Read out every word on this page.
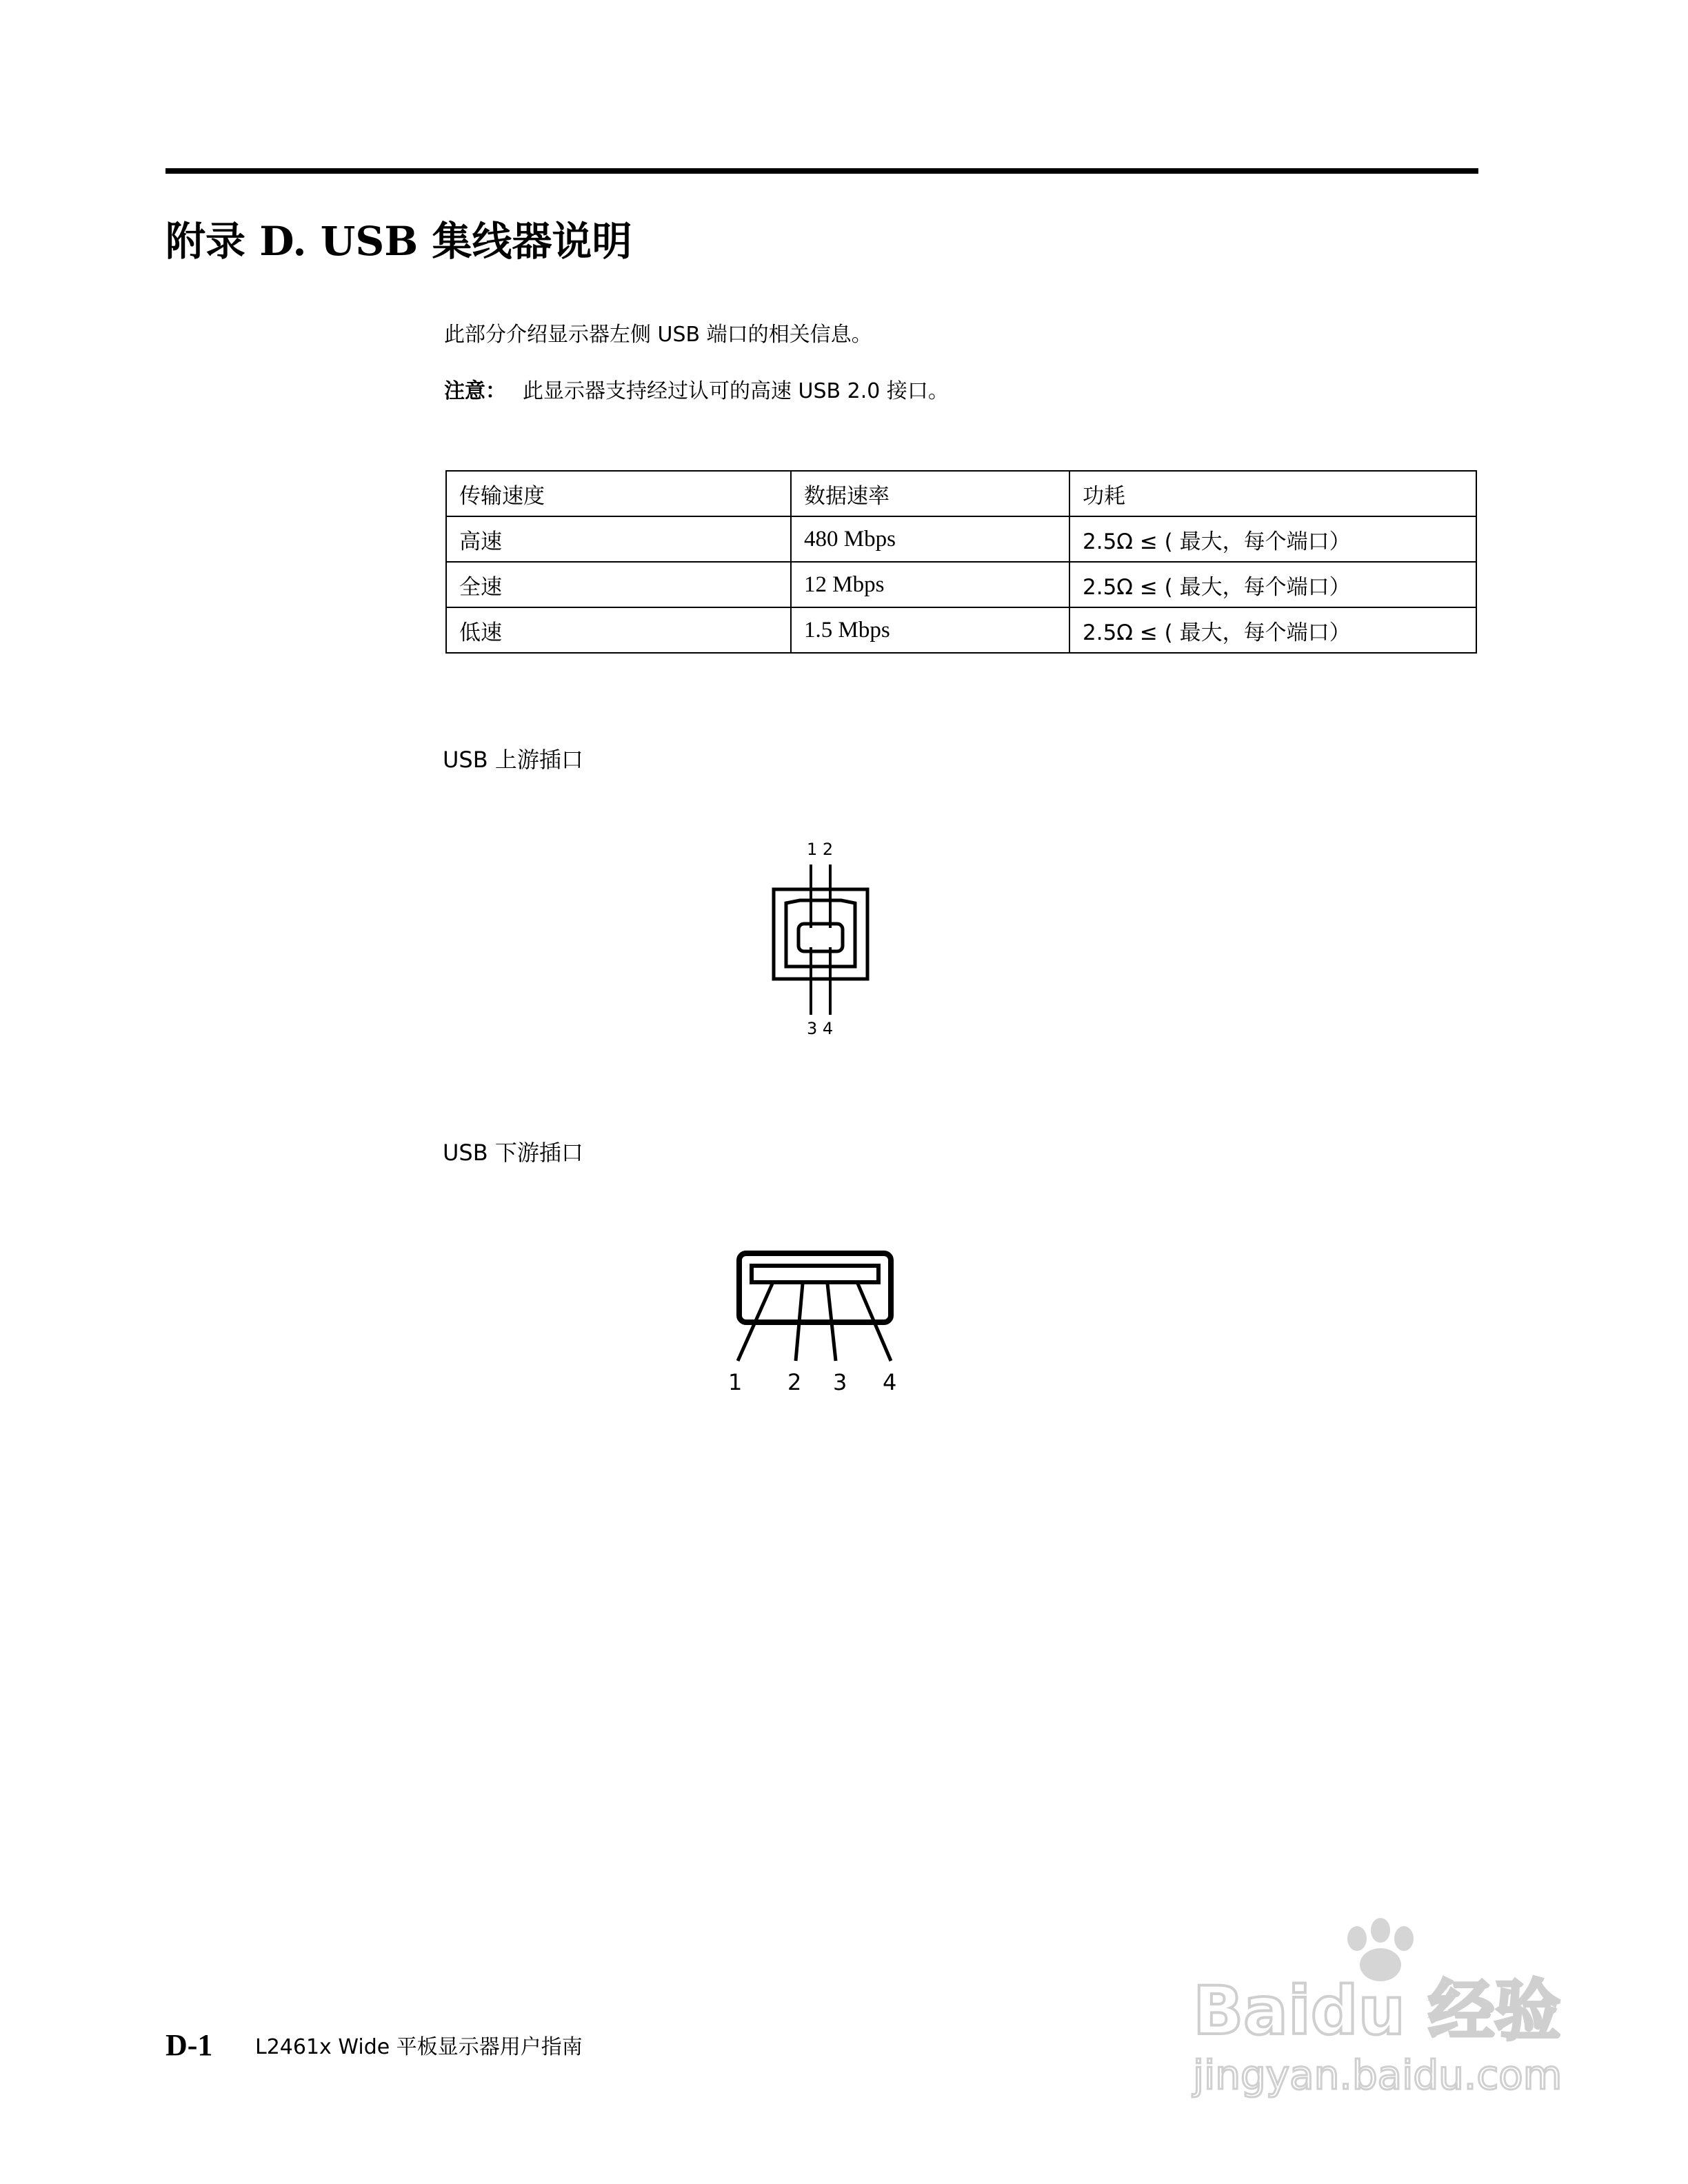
附录 D. USB 集线器说明

此部分介绍显示器左侧 USB 端口的相关信息。

注意： 此显示器支持经过认可的高速 USB 2.0 接口。

传输速度	数据速率	功耗
高速	480 Mbps	2.5Ω ≤ ( 最大，每个端口）
全速	12 Mbps	2.5Ω ≤ ( 最大，每个端口）
低速	1.5 Mbps	2.5Ω ≤ ( 最大，每个端口）

USB 上游插口

1 2
3 4

USB 下游插口

1 2 3 4

D-1 L2461x Wide 平板显示器用户指南	Baidu 经验
jingyan.baidu.com
